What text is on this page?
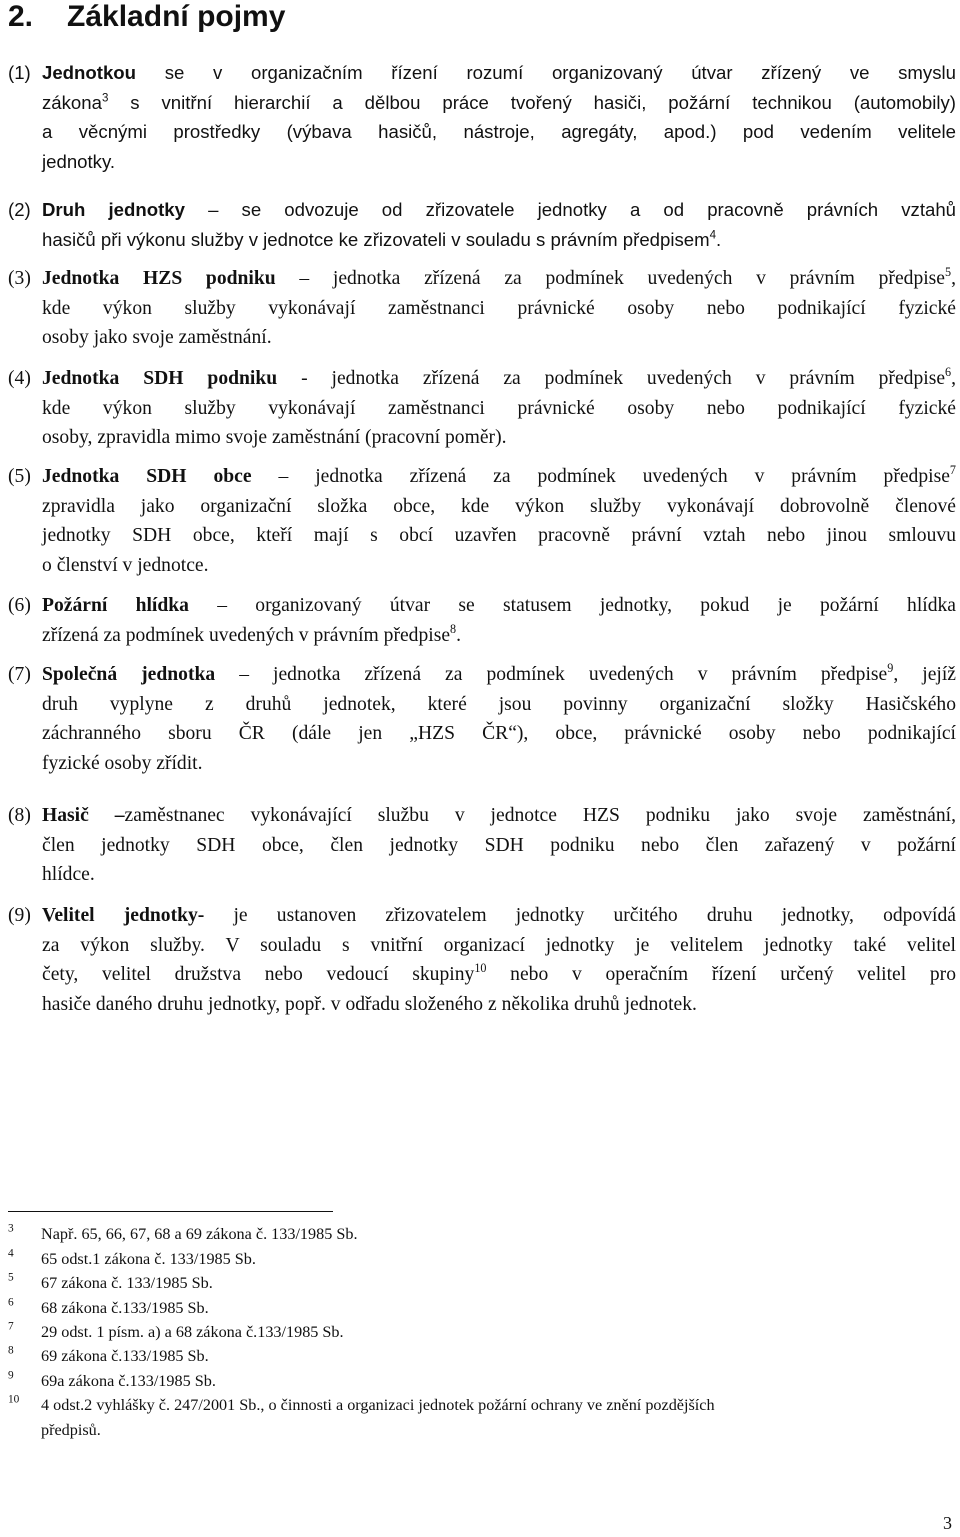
2. Základní pojmy
(1) Jednotkou se v organizačním řízení rozumí organizovaný útvar zřízený ve smyslu
zákona$^3$ s vnitřní hierarchií a dělbou práce tvořený hasiči, požární technikou (automobily)
a věcnými prostředky (výbava hasičů, nástroje, agregáty, apod.) pod vedením velitele
jednotky.
(2) Druh jednotky – se odvozuje od zřizovatele jednotky a od pracovně právních vztahů
hasičů při výkonu služby v jednotce ke zřizovateli v souladu s právním předpisem$^4$.
(3) Jednotka HZS podniku – jednotka zřízená za podmínek uvedených v právním předpise$^5$,
kde výkon služby vykonávají zaměstnanci právnické osoby nebo podnikající fyzické
osoby jako svoje zaměstnání.
(4) Jednotka SDH podniku - jednotka zřízená za podmínek uvedených v právním předpise$^6$,
kde výkon služby vykonávají zaměstnanci právnické osoby nebo podnikající fyzické
osoby, zpravidla mimo svoje zaměstnání (pracovní poměr).
(5) Jednotka SDH obce – jednotka zřízená za podmínek uvedených v právním předpise$^7$
zpravidla jako organizační složka obce, kde výkon služby vykonávají dobrovolně členové
jednotky SDH obce, kteří mají s obcí uzavřen pracovně právní vztah nebo jinou smlouvu
o členství v jednotce.
(6) Požární hlídka – organizovaný útvar se statusem jednotky, pokud je požární hlídka
zřízená za podmínek uvedených v právním předpise$^8$.
(7) Společná jednotka – jednotka zřízená za podmínek uvedených v právním předpise$^9$, jejíž
druh vyplyne z druhů jednotek, které jsou povinny organizační složky Hasičského
záchranného sboru ČR (dále jen „HZS ČR“), obce, právnické osoby nebo podnikající
fyzické osoby zřídit.
(8) Hasič –zaměstnanec vykonávající službu v jednotce HZS podniku jako svoje zaměstnání,
člen jednotky SDH obce, člen jednotky SDH podniku nebo člen zařazený v požární
hlídce.
(9) Velitel jednotky- je ustanoven zřizovatelem jednotky určitého druhu jednotky, odpovídá
za výkon služby. V souladu s vnitřní organizací jednotky je velitelem jednotky také velitel
čety, velitel družstva nebo vedoucí skupiny$^{10}$ nebo v operačním řízení určený velitel pro
hasiče daného druhu jednotky, popř. v odřadu složeného z několika druhů jednotek.
$^3$ Např. 65, 66, 67, 68 a 69 zákona č. 133/1985 Sb.
$^4$ 65 odst.1 zákona č. 133/1985 Sb.
$^5$ 67 zákona č. 133/1985 Sb.
$^6$ 68 zákona č.133/1985 Sb.
$^7$ 29 odst. 1 písm. a) a 68 zákona č.133/1985 Sb.
$^8$ 69 zákona č.133/1985 Sb.
$^9$ 69a zákona č.133/1985 Sb.
$^{10}$ 4 odst.2 vyhlášky č. 247/2001 Sb., o činnosti a organizaci jednotek požární ochrany ve znění pozdějších
předpisů.
3
